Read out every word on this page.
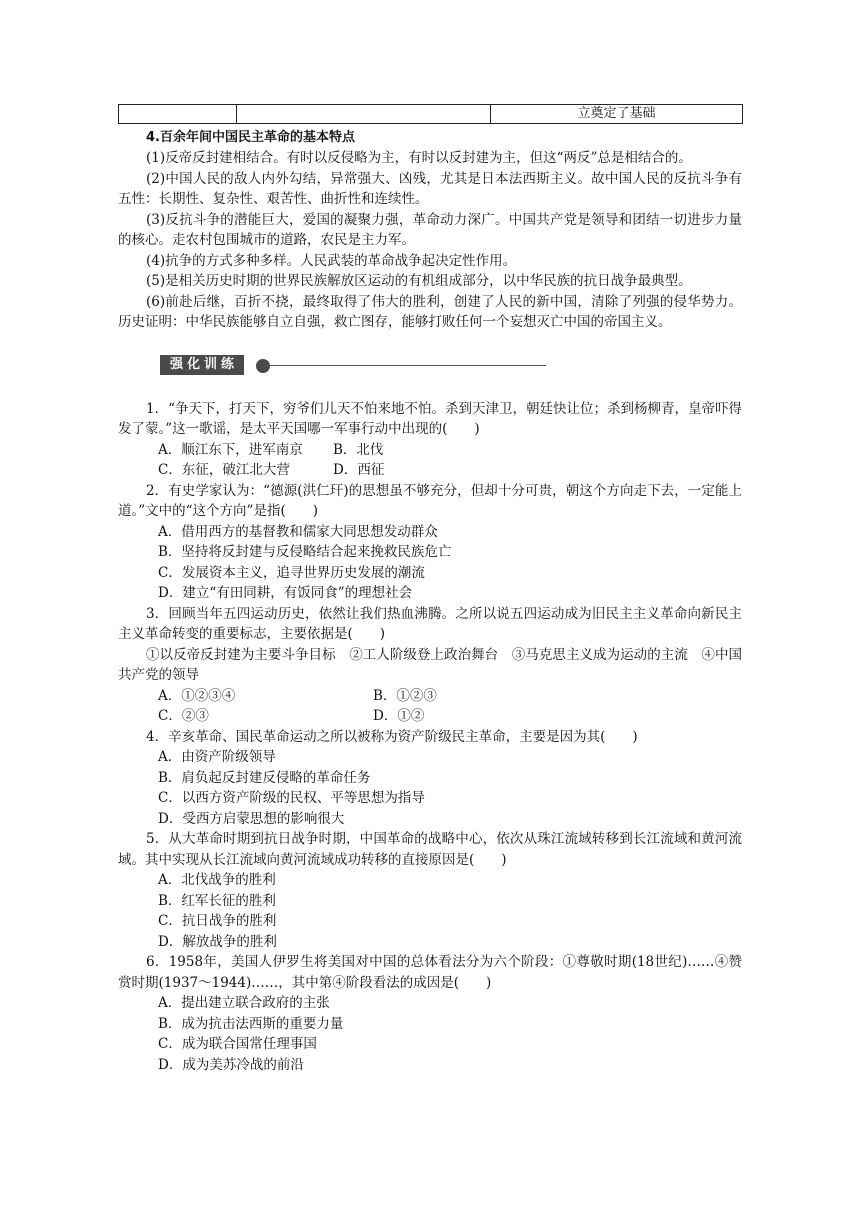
		立奠定了基础
4.百余年间中国民主革命的基本特点

(1)反帝反封建相结合。有时以反侵略为主，有时以反封建为主，但这“两反”总是相结合的。

(2)中国人民的敌人内外勾结，异常强大、凶残，尤其是日本法西斯主义。故中国人民的反抗斗争有五性：长期性、复杂性、艰苦性、曲折性和连续性。

(3)反抗斗争的潜能巨大，爱国的凝聚力强，革命动力深广。中国共产党是领导和团结一切进步力量的核心。走农村包围城市的道路，农民是主力军。

(4)抗争的方式多种多样。人民武装的革命战争起决定性作用。

(5)是相关历史时期的世界民族解放区运动的有机组成部分，以中华民族的抗日战争最典型。

(6)前赴后继，百折不挠，最终取得了伟大的胜利，创建了人民的新中国，清除了列强的侵华势力。历史证明：中华民族能够自立自强，救亡图存，能够打败任何一个妄想灭亡中国的帝国主义。

强化训练

1．“争天下，打天下，穷爷们儿天不怕来地不怕。杀到天津卫，朝廷快让位；杀到杨柳青，皇帝吓得发了蒙。”这一歌谣，是太平天国哪一军事行动中出现的(　　)

A．顺江东下，进军南京	B．北伐
C．东征，破江北大营	D．西征

2．有史学家认为：“德源(洪仁玕)的思想虽不够充分，但却十分可贵，朝这个方向走下去，一定能上道。”文中的“这个方向”是指(　　)

A．借用西方的基督教和儒家大同思想发动群众
B．坚持将反封建与反侵略结合起来挽救民族危亡
C．发展资本主义，追寻世界历史发展的潮流
D．建立“有田同耕，有饭同食”的理想社会

3．回顾当年五四运动历史，依然让我们热血沸腾。之所以说五四运动成为旧民主主义革命向新民主主义革命转变的重要标志，主要依据是(　　)

①以反帝反封建为主要斗争目标　②工人阶级登上政治舞台　③马克思主义成为运动的主流　④中国共产党的领导

A．①②③④	B．①②③
C．②③	D．①②

4．辛亥革命、国民革命运动之所以被称为资产阶级民主革命，主要是因为其(　　)

A．由资产阶级领导
B．肩负起反封建反侵略的革命任务
C．以西方资产阶级的民权、平等思想为指导
D．受西方启蒙思想的影响很大

5．从大革命时期到抗日战争时期，中国革命的战略中心，依次从珠江流域转移到长江流域和黄河流域。其中实现从长江流域向黄河流域成功转移的直接原因是(　　)

A．北伐战争的胜利
B．红军长征的胜利
C．抗日战争的胜利
D．解放战争的胜利

6．1958年，美国人伊罗生将美国对中国的总体看法分为六个阶段：①尊敬时期(18世纪)……④赞赏时期(1937～1944)……，其中第④阶段看法的成因是(　　)

A．提出建立联合政府的主张
B．成为抗击法西斯的重要力量
C．成为联合国常任理事国
D．成为美苏冷战的前沿
